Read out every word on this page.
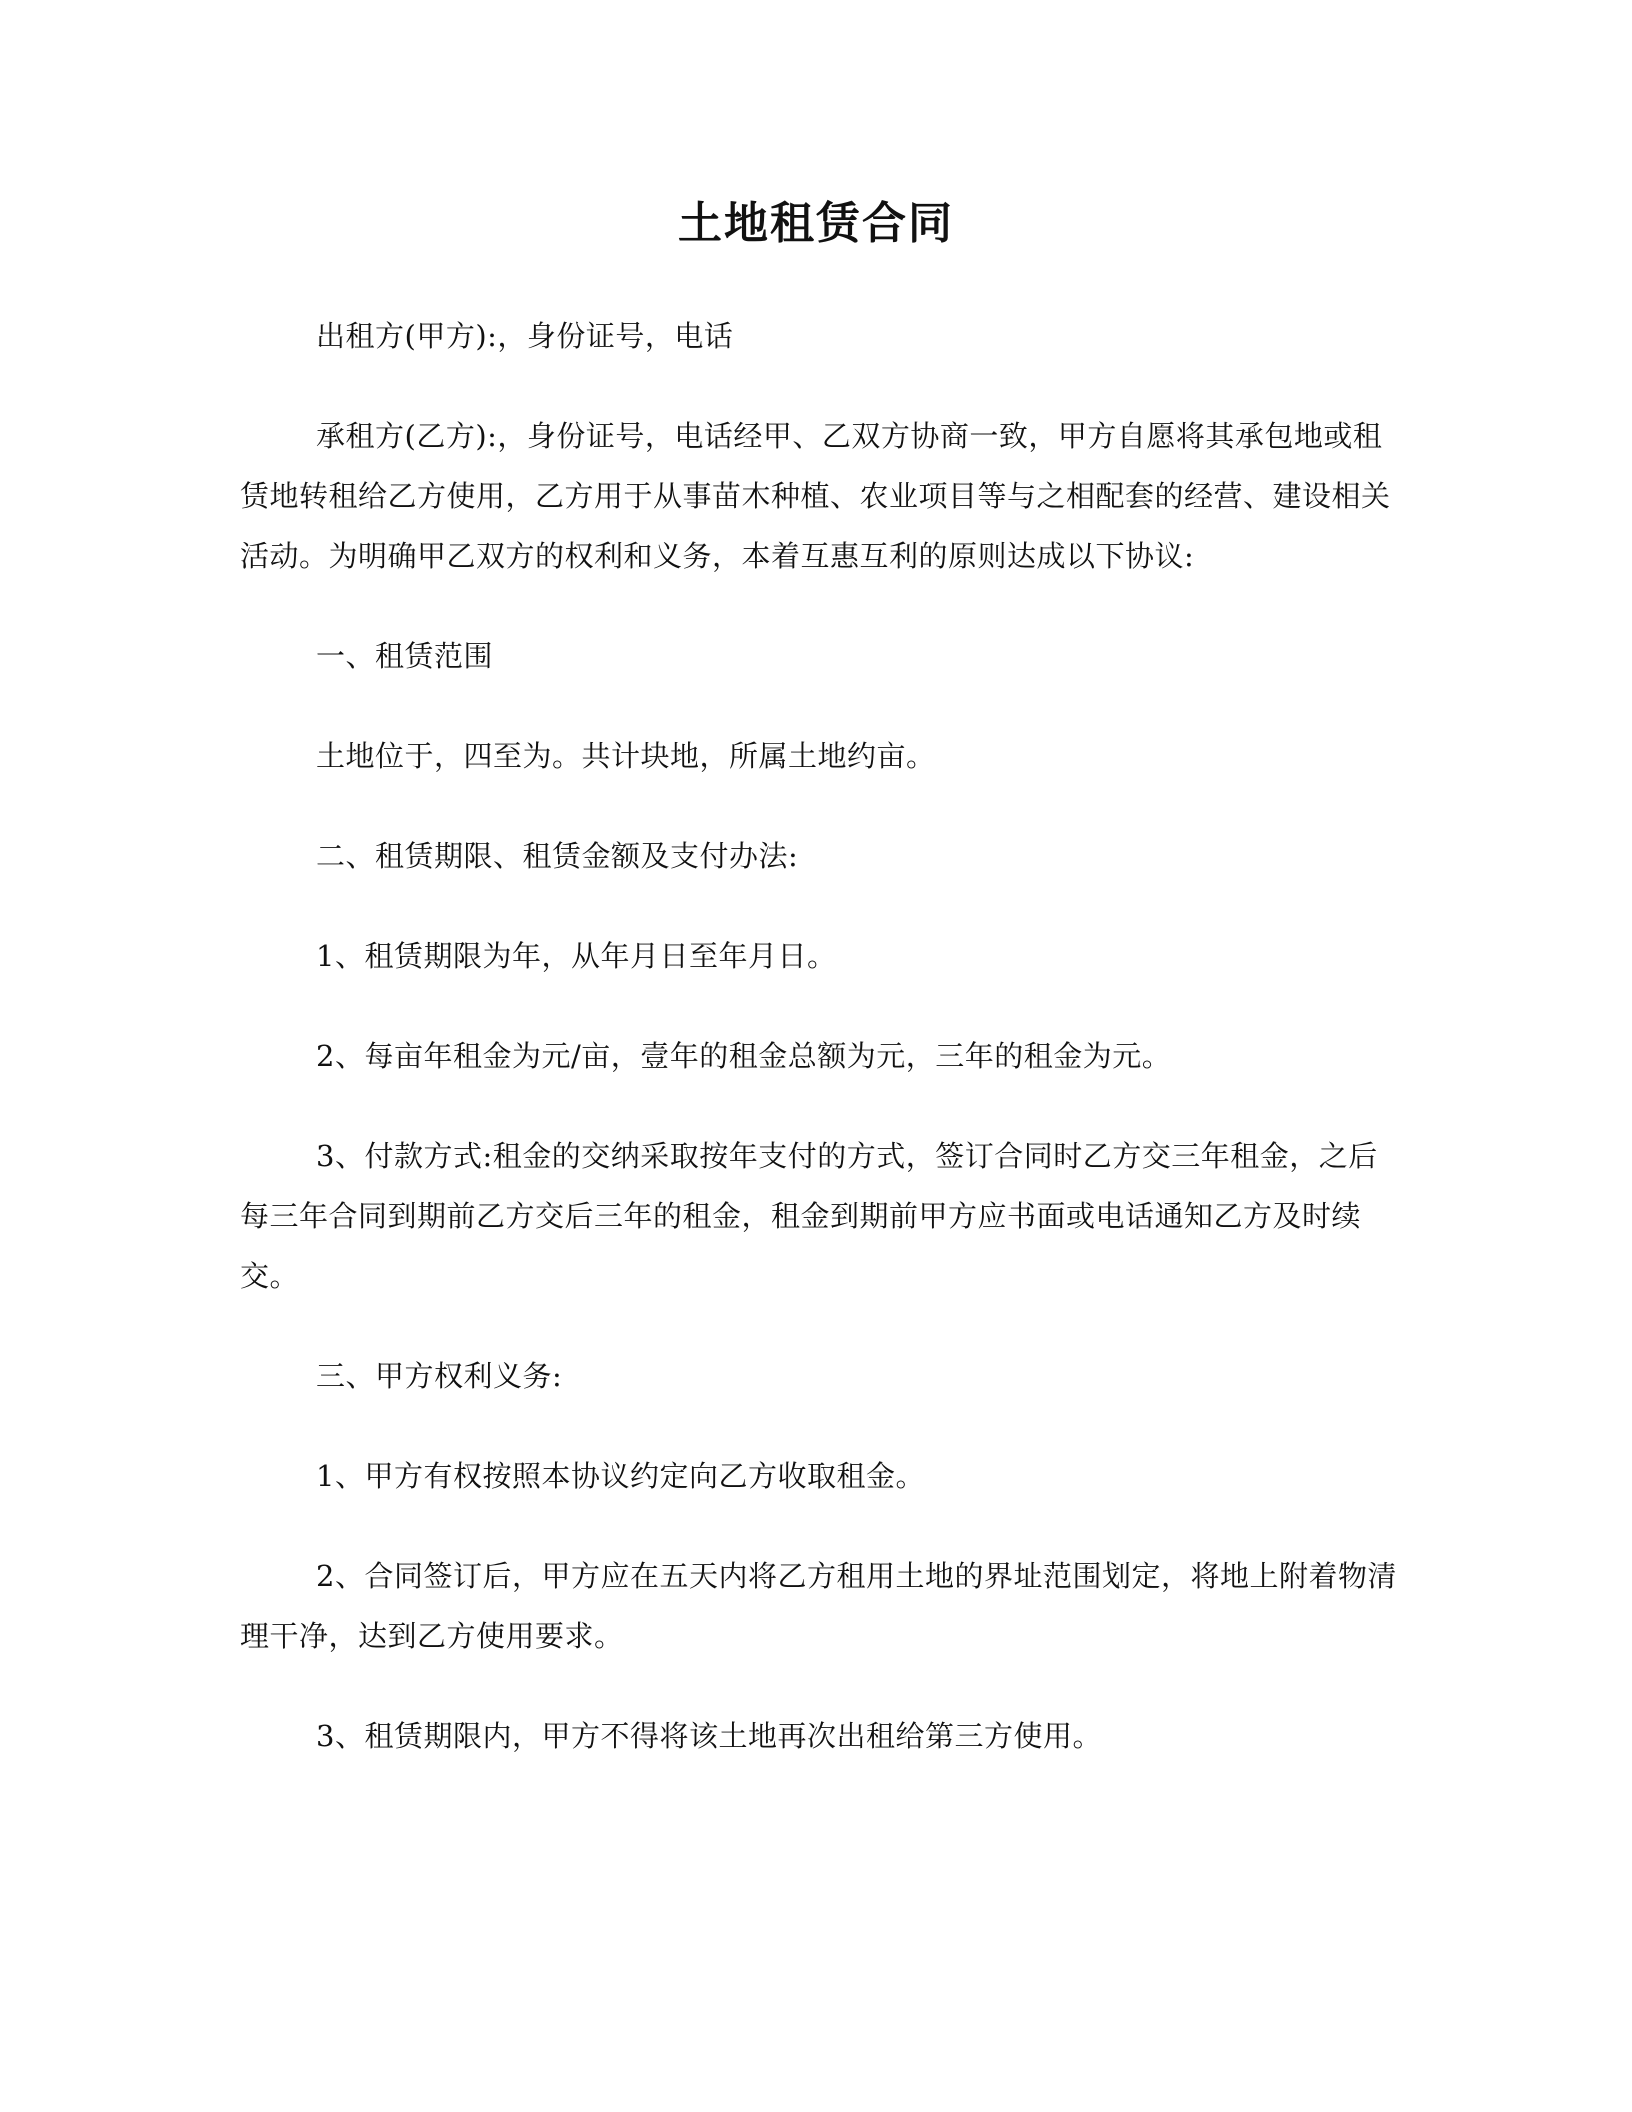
土地租赁合同

出租方(甲方):，身份证号，电话

承租方(乙方):，身份证号，电话经甲、乙双方协商一致，甲方自愿将其承包地或租赁地转租给乙方使用，乙方用于从事苗木种植、农业项目等与之相配套的经营、建设相关活动。为明确甲乙双方的权利和义务，本着互惠互利的原则达成以下协议:

一、租赁范围

土地位于，四至为。共计块地，所属土地约亩。

二、租赁期限、租赁金额及支付办法:

1、租赁期限为年，从年月日至年月日。

2、每亩年租金为元/亩，壹年的租金总额为元，三年的租金为元。

3、付款方式:租金的交纳采取按年支付的方式，签订合同时乙方交三年租金，之后每三年合同到期前乙方交后三年的租金，租金到期前甲方应书面或电话通知乙方及时续交。

三、甲方权利义务:

1、甲方有权按照本协议约定向乙方收取租金。

2、合同签订后，甲方应在五天内将乙方租用土地的界址范围划定，将地上附着物清理干净，达到乙方使用要求。

3、租赁期限内，甲方不得将该土地再次出租给第三方使用。
